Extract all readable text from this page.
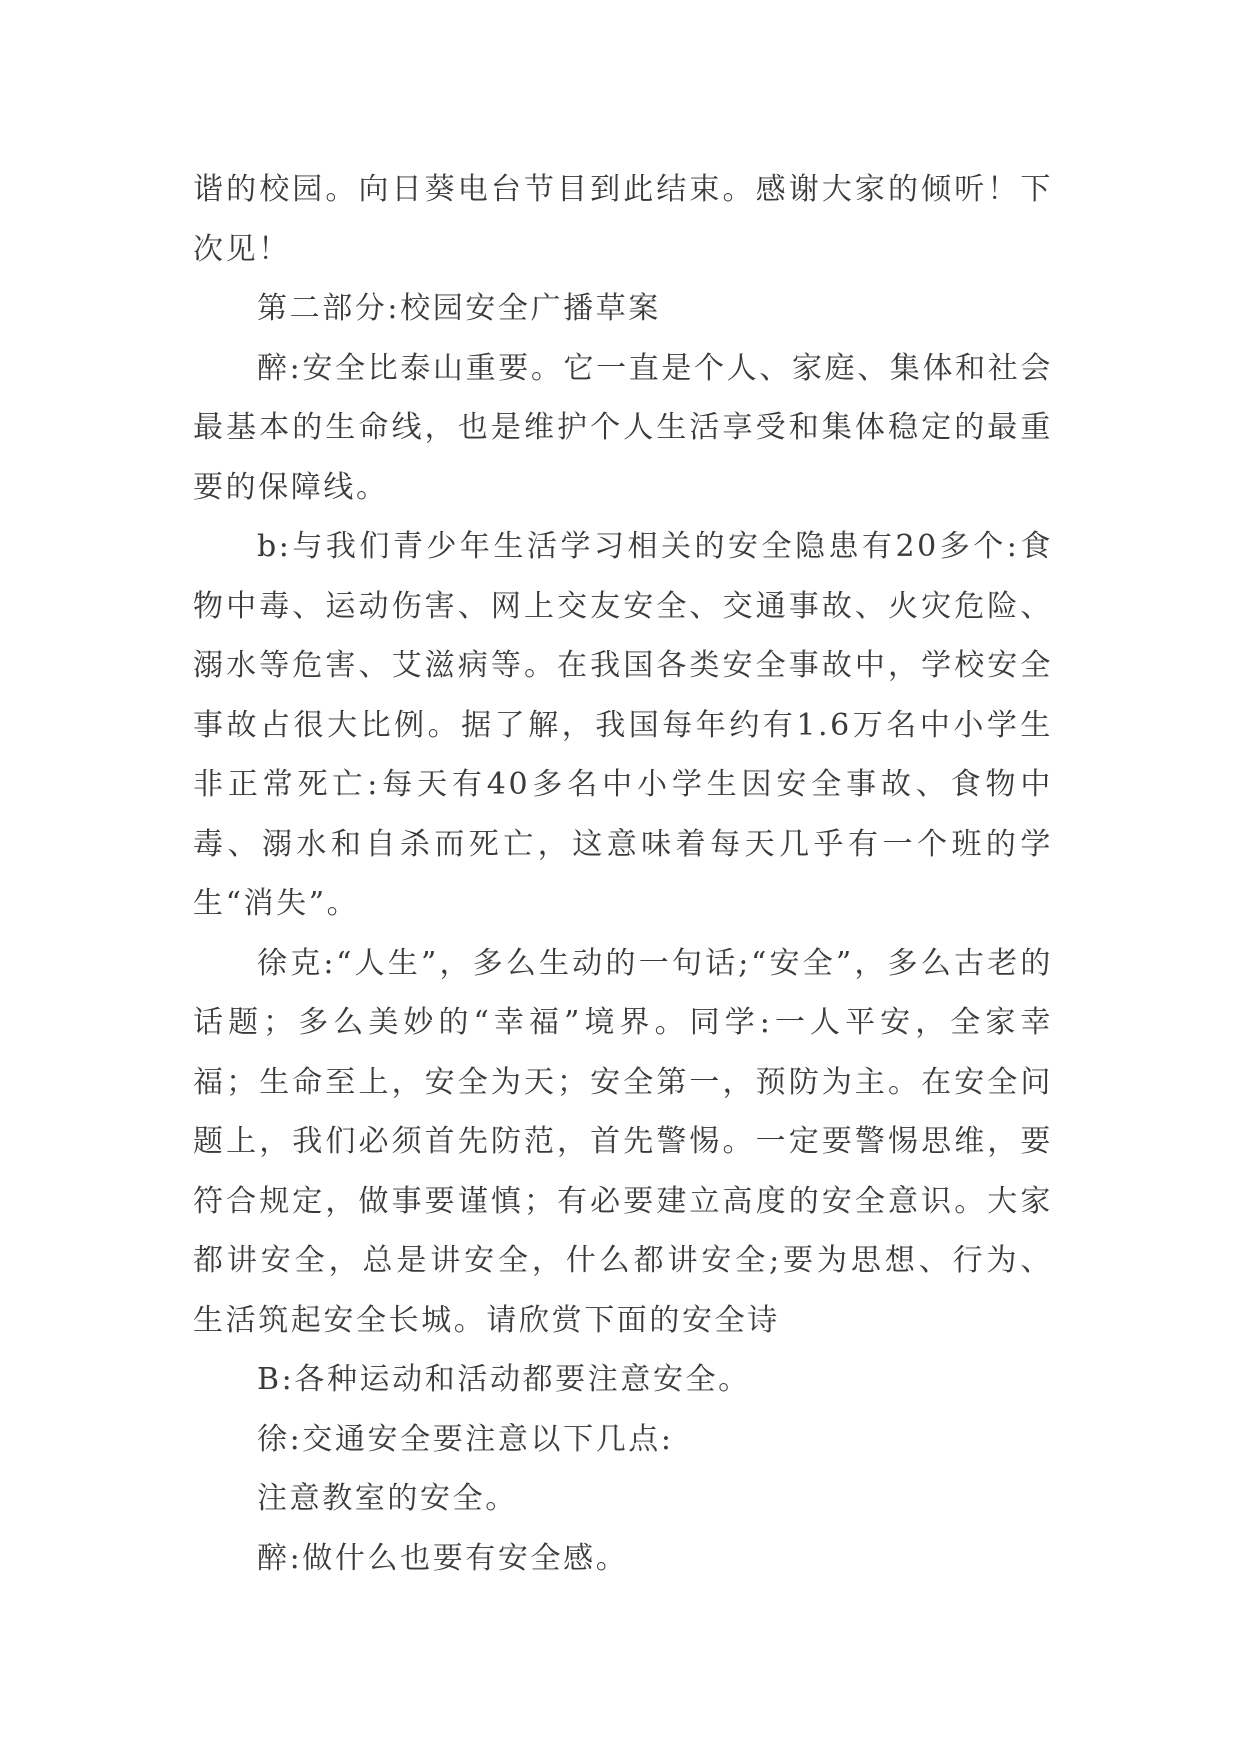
谐的校园。向日葵电台节目到此结束。感谢大家的倾听！下次见！

第二部分:校园安全广播草案

醉:安全比泰山重要。它一直是个人、家庭、集体和社会最基本的生命线，也是维护个人生活享受和集体稳定的最重要的保障线。

b:与我们青少年生活学习相关的安全隐患有20多个:食物中毒、运动伤害、网上交友安全、交通事故、火灾危险、溺水等危害、艾滋病等。在我国各类安全事故中，学校安全事故占很大比例。据了解，我国每年约有1.6万名中小学生非正常死亡:每天有40多名中小学生因安全事故、食物中毒、溺水和自杀而死亡，这意味着每天几乎有一个班的学生“消失”。

徐克:“人生”，多么生动的一句话;“安全”，多么古老的话题；多么美妙的“幸福”境界。同学:一人平安，全家幸福；生命至上，安全为天；安全第一，预防为主。在安全问题上，我们必须首先防范，首先警惕。一定要警惕思维，要符合规定，做事要谨慎；有必要建立高度的安全意识。大家都讲安全，总是讲安全，什么都讲安全;要为思想、行为、生活筑起安全长城。请欣赏下面的安全诗

B:各种运动和活动都要注意安全。

徐:交通安全要注意以下几点:

注意教室的安全。

醉:做什么也要有安全感。
